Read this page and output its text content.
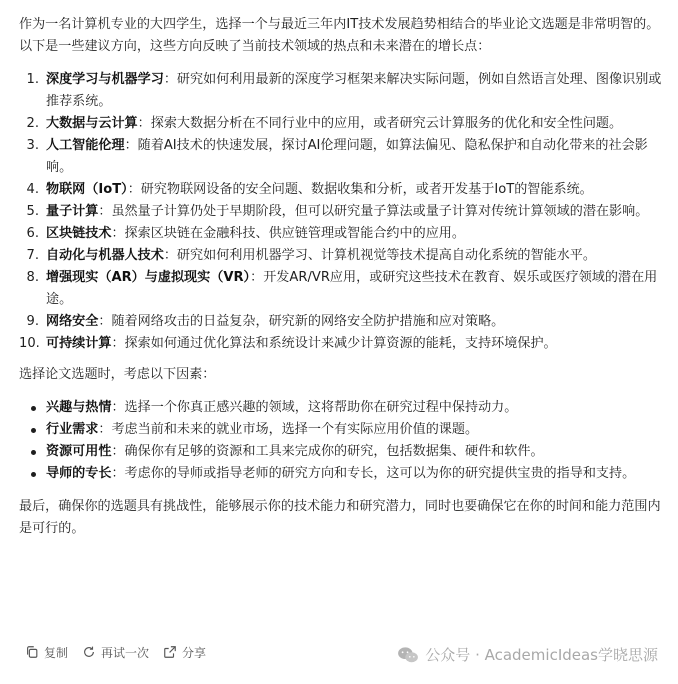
作为一名计算机专业的大四学生，选择一个与最近三年内IT技术发展趋势相结合的毕业论文选题是非常明智的。以下是一些建议方向，这些方向反映了当前技术领域的热点和未来潜在的增长点：

1. 深度学习与机器学习：研究如何利用最新的深度学习框架来解决实际问题，例如自然语言处理、图像识别或推荐系统。
2. 大数据与云计算：探索大数据分析在不同行业中的应用，或者研究云计算服务的优化和安全性问题。
3. 人工智能伦理：随着AI技术的快速发展，探讨AI伦理问题，如算法偏见、隐私保护和自动化带来的社会影响。
4. 物联网（IoT）：研究物联网设备的安全问题、数据收集和分析，或者开发基于IoT的智能系统。
5. 量子计算：虽然量子计算仍处于早期阶段，但可以研究量子算法或量子计算对传统计算领域的潜在影响。
6. 区块链技术：探索区块链在金融科技、供应链管理或智能合约中的应用。
7. 自动化与机器人技术：研究如何利用机器学习、计算机视觉等技术提高自动化系统的智能水平。
8. 增强现实（AR）与虚拟现实（VR）：开发AR/VR应用，或研究这些技术在教育、娱乐或医疗领域的潜在用途。
9. 网络安全：随着网络攻击的日益复杂，研究新的网络安全防护措施和应对策略。
10. 可持续计算：探索如何通过优化算法和系统设计来减少计算资源的能耗，支持环境保护。

选择论文选题时，考虑以下因素：

兴趣与热情：选择一个你真正感兴趣的领域，这将帮助你在研究过程中保持动力。
行业需求：考虑当前和未来的就业市场，选择一个有实际应用价值的课题。
资源可用性：确保你有足够的资源和工具来完成你的研究，包括数据集、硬件和软件。
导师的专长：考虑你的导师或指导老师的研究方向和专长，这可以为你的研究提供宝贵的指导和支持。

最后，确保你的选题具有挑战性，能够展示你的技术能力和研究潜力，同时也要确保它在你的时间和能力范围内是可行的。

复制	再试一次	分享	公众号 · AcademicIdeas学晓思源
